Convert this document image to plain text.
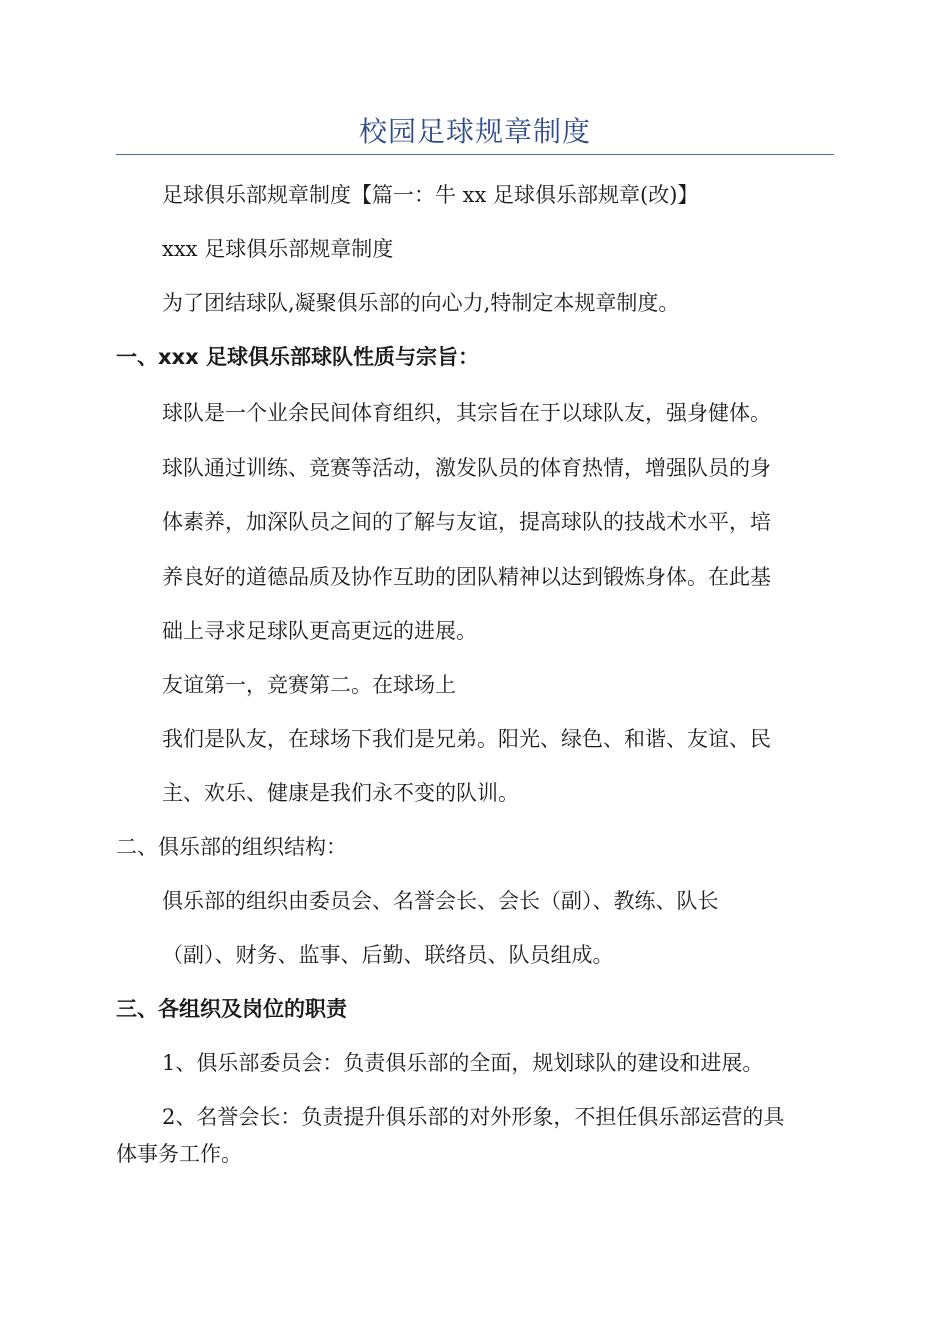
校园足球规章制度
足球俱乐部规章制度【篇一：牛 xx 足球俱乐部规章(改)】
xxx 足球俱乐部规章制度
为了团结球队,凝聚俱乐部的向心力,特制定本规章制度。
一、xxx 足球俱乐部球队性质与宗旨：
球队是一个业余民间体育组织，其宗旨在于以球队友，强身健体。
球队通过训练、竞赛等活动，激发队员的体育热情，增强队员的身
体素养，加深队员之间的了解与友谊，提高球队的技战术水平，培
养良好的道德品质及协作互助的团队精神以达到锻炼身体。在此基
础上寻求足球队更高更远的进展。
友谊第一，竞赛第二。在球场上
我们是队友，在球场下我们是兄弟。阳光、绿色、和谐、友谊、民
主、欢乐、健康是我们永不变的队训。
二、俱乐部的组织结构：
俱乐部的组织由委员会、名誉会长、会长（副）、教练、队长
（副）、财务、监事、后勤、联络员、队员组成。
三、各组织及岗位的职责
1、俱乐部委员会：负责俱乐部的全面，规划球队的建设和进展。
2、名誉会长：负责提升俱乐部的对外形象，不担任俱乐部运营的具
体事务工作。
